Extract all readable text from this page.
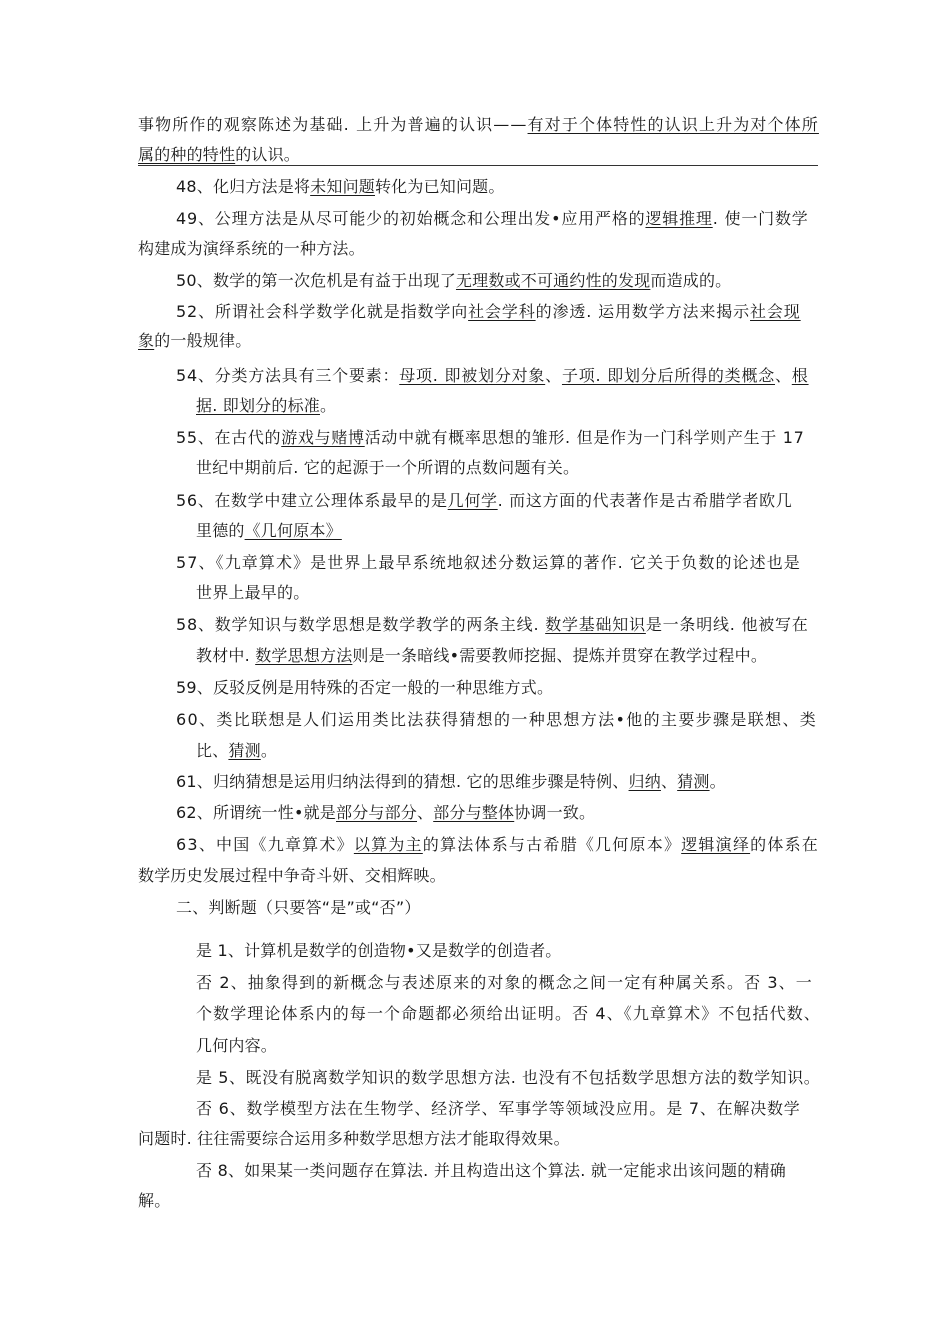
事物所作的观察陈述为基础. 上升为普遍的认识——有对于个体特性的认识上升为对个体所
属的种的特性的认识。
48、化归方法是将未知问题转化为已知问题。
49、公理方法是从尽可能少的初始概念和公理出发•应用严格的逻辑推理. 使一门数学
构建成为演绎系统的一种方法。
50、数学的第一次危机是有益于出现了无理数或不可通约性的发现而造成的。
52、所谓社会科学数学化就是指数学向社会学科的渗透. 运用数学方法来揭示社会现
象的一般规律。
54、分类方法具有三个要素：母项. 即被划分对象、子项. 即划分后所得的类概念、根
据. 即划分的标准。
55、在古代的游戏与赌博活动中就有概率思想的雏形. 但是作为一门科学则产生于 17
世纪中期前后. 它的起源于一个所谓的点数问题有关。
56、在数学中建立公理体系最早的是几何学. 而这方面的代表著作是古希腊学者欧几
里德的《几何原本》
57、《九章算术》是世界上最早系统地叙述分数运算的著作. 它关于负数的论述也是
世界上最早的。
58、数学知识与数学思想是数学教学的两条主线. 数学基础知识是一条明线. 他被写在
教材中. 数学思想方法则是一条暗线•需要教师挖掘、提炼并贯穿在教学过程中。
59、反驳反例是用特殊的否定一般的一种思维方式。
60、类比联想是人们运用类比法获得猜想的一种思想方法•他的主要步骤是联想、类
比、猜测。
61、归纳猜想是运用归纳法得到的猜想. 它的思维步骤是特例、归纳、猜测。
62、所谓统一性•就是部分与部分、部分与整体协调一致。
63、中国《九章算术》以算为主的算法体系与古希腊《几何原本》逻辑演绎的体系在
数学历史发展过程中争奇斗妍、交相辉映。
二、判断题（只要答“是”或“否”）
是 1、计算机是数学的创造物•又是数学的创造者。
否 2、抽象得到的新概念与表述原来的对象的概念之间一定有种属关系。否 3、一
个数学理论体系内的每一个命题都必须给出证明。否 4、《九章算术》不包括代数、
几何内容。
是 5、既没有脱离数学知识的数学思想方法. 也没有不包括数学思想方法的数学知识。
否 6、数学模型方法在生物学、经济学、军事学等领域没应用。是 7、在解决数学
问题时. 往往需要综合运用多种数学思想方法才能取得效果。
否 8、如果某一类问题存在算法. 并且构造出这个算法. 就一定能求出该问题的精确
解。
